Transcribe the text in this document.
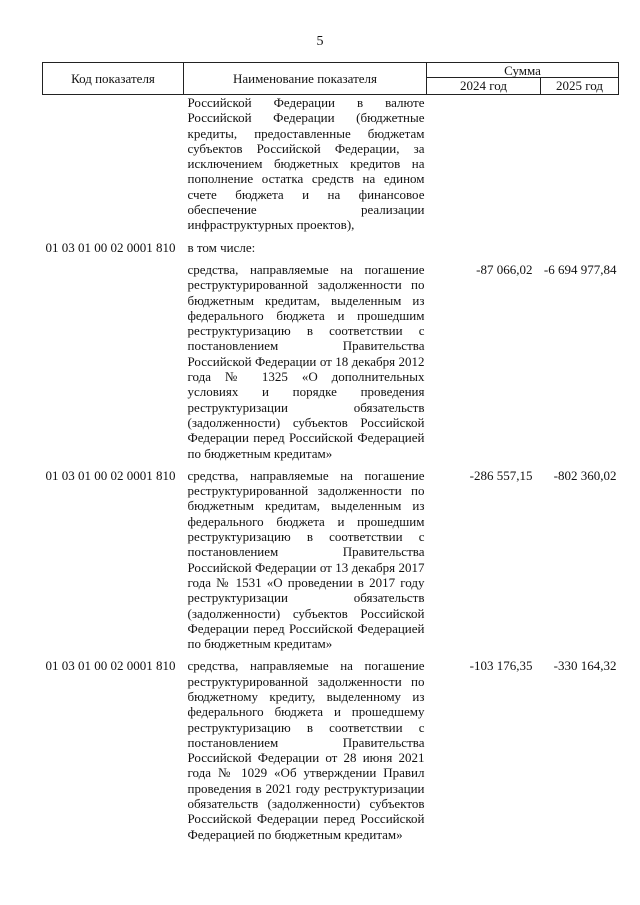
5
Код показателя	Наименование показателя	Сумма	
		2024 год	2025 год

	Российской Федерации в валюте Российской Федерации (бюджетные кредиты, предоставленные бюджетам субъектов Российской Федерации, за исключением бюджетных кредитов на пополнение остатка средств на едином счете бюджета и на финансовое обеспечение реализации инфраструктурных проектов),		

01 03 01 00 02 0001 810	в том числе:		

	средства, направляемые на погашение реструктурированной задолженности по бюджетным кредитам, выделенным из федерального бюджета и прошедшим реструктуризацию в соответствии с постановлением Правительства Российской Федерации от 18 декабря 2012 года № 1325 «О дополнительных условиях и порядке проведения реструктуризации обязательств (задолженности) субъектов Российской Федерации перед Российской Федерацией по бюджетным кредитам»	-87 066,02	-6 694 977,84

01 03 01 00 02 0001 810	средства, направляемые на погашение реструктурированной задолженности по бюджетным кредитам, выделенным из федерального бюджета и прошедшим реструктуризацию в соответствии с постановлением Правительства Российской Федерации от 13 декабря 2017 года № 1531 «О проведении в 2017 году реструктуризации обязательств (задолженности) субъектов Российской Федерации перед Российской Федерацией по бюджетным кредитам»	-286 557,15	-802 360,02

01 03 01 00 02 0001 810	средства, направляемые на погашение реструктурированной задолженности по бюджетному кредиту, выделенному из федерального бюджета и прошедшему реструктуризацию в соответствии с постановлением Правительства Российской Федерации от 28 июня 2021 года № 1029 «Об утверждении Правил проведения в 2021 году реструктуризации обязательств (задолженности) субъектов Российской Федерации перед Российской Федерацией по бюджетным кредитам»	-103 176,35	-330 164,32
